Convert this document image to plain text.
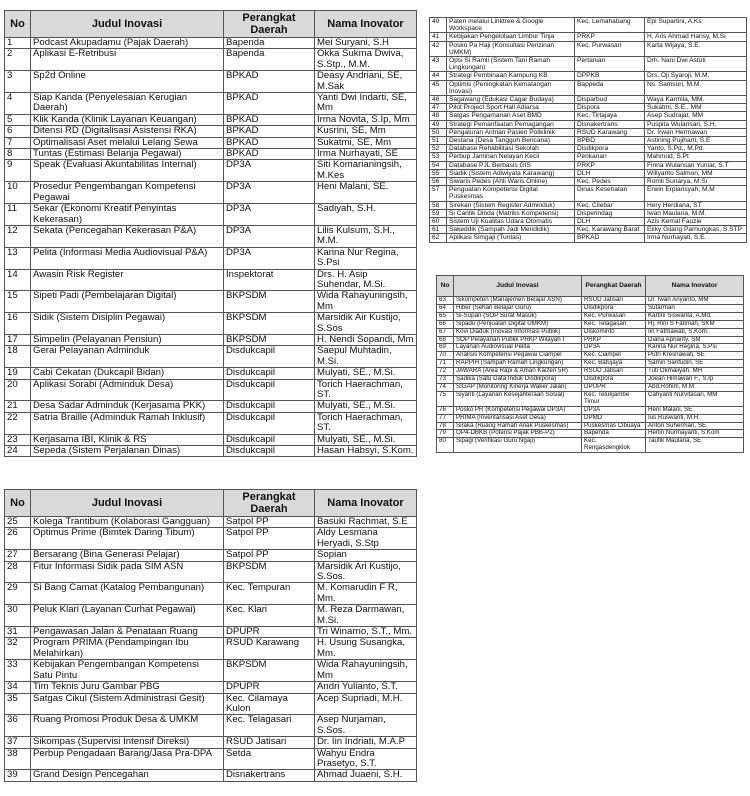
No	Judul Inovasi	Perangkat Daerah	Nama Inovator
1	Podcast Akupadamu (Pajak Daerah)	Bapenda	Mei Suryani, S.H
2	Aplikasi E-Retribusi	Bapenda	Okka Sukma Dwiva, S.Stp., M.M.
3	Sp2d Online	BPKAD	Deasy Andriani, SE, M.Sak
4	Siap Kanda (Penyelesaian Kerugian Daerah)	BPKAD	Yanti Dwi Indarti, SE, Mm
5	Klik Kanda (Klinik Layanan Keuangan)	BPKAD	Irma Novita, S.Ip, Mm
6	Ditensi RD (Digitalisasi Asistensi RKA)	BPKAD	Kusrini, SE, Mm
7	Optimalisasi Aset melalui Lelang Sewa	BPKAD	Sukatmi, SE, Mm
8	Tuntas (Estimasi Belanja Pegawai)	BPKAD	Irma Nurhayati, SE
9	Speak (Evaluasi Akuntabilitas Internal)	DP3A	Siti Komarianingsih, M.Kes
10	Prosedur Pengembangan Kompetensi Pegawai	DP3A	Heni Malani, SE.
11	Sekar (Ekonomi Kreatif Penyintas Kekerasan)	DP3A	Sadiyah, S.H.
12	Sekata (Pencegahan Kekerasan P&A)	DP3A	Lilis Kulsum, S.H., M.M.
13	Pelita (Informasi Media Audiovisual P&A)	DP3A	Karina Nur Regina, S.Psi
14	Awasin Risk Register	Inspektorat	Drs. H. Asip Suhendar, M.Si.
15	Sipeti Padi (Pembelajaran Digital)	BKPSDM	Wida Rahayuningsih, Mm
16	Sidik (Sistem Disiplin Pegawai)	BKPSDM	Marsidik Air Kustijo, S.Sos
17	Simpelin (Pelayanan Pensiun)	BKPSDM	H. Nendi Sopandi, Mm
18	Gerai Pelayanan Adminduk	Disdukcapil	Saepul Muhtadin, M.Si.
19	Cabi Cekatan (Dukcapil Bidan)	Disdukcapil	Mulyati, SE., M.Si.
20	Aplikasi Sorabi (Adminduk Desa)	Disdukcapil	Torich Haerachman, ST.
21	Desa Sadar Adminduk (Kerjasama PKK)	Disdukcapil	Mulyati, SE., M.Si.
22	Satria Braille (Adminduk Ramah Inklusif)	Disdukcapil	Torich Haerachman, ST.
23	Kerjasama IBI, Klinik & RS	Disdukcapil	Mulyati, SE., M.Si.
24	Sepeda (Sistem Perjalanan Dinas)	Disdukcapil	Hasan Habsyi, S.Kom.
No	Judul Inovasi	Perangkat Daerah	Nama Inovator
25	Kolega Trantibum (Kolaborasi Gangguan)	Satpol PP	Basuki Rachmat, S.E
26	Optimus Prime (Bimtek Daring Tibum)	Satpol PP	Aldy Lesmana Heryadi, S.Stp
27	Bersarang (Bina Generasi Pelajar)	Satpol PP	Sopian
28	Fitur Informasi Sidik pada SIM ASN	BKPSDM	Marsidik Ari Kustijo, S.Sos.
29	Si Bang Camat (Katalog Pembangunan)	Kec. Tempuran	M. Komarudin F R, Mm.
30	Peluk Klari (Layanan Curhat Pegawai)	Kec. Klari	M. Reza Darmawan, M.Si.
31	Pengawasan Jalan & Penataan Ruang	DPUPR	Tri Winarno, S.T., Mm.
32	Program PRIMA (Pendampingan Ibu Melahirkan)	RSUD Karawang	H. Usung Susangka, Mm.
33	Kebijakan Pengembangan Kompetensi Satu Pintu	BKPSDM	Wida Rahayuningsih, Mm
34	Tim Teknis Juru Gambar PBG	DPUPR	Andri Yulianto, S.T.
35	Satgas Cikul (Sistem Administrasi Gesit)	Kec. Cilamaya Kulon	Acep Supriadi, M.H.
36	Ruang Promosi Produk Desa & UMKM	Kec. Telagasari	Asep Nurjaman, S.Sos.
37	Sikompas (Supervisi Intensif Direksi)	RSUD Jatisari	Dr. Iin Indriati, M.A.P
38	Perbup Pengadaan Barang/Jasa Pra-DPA	Setda	Wahyu Endra Prasetyo, S.T.
39	Grand Design Pencegahan	Disnakertrans	Ahmad Juaeni, S.H.
40	Paten melalui Linktree & Google Workspace	Kec. Lemahabang	Epi Supartini, A.Ks
41	Kebijakan Pengelolaan Limbur Tinja	PRKP	H. Aris Ahmad Harisy, M.Si
42	Posko Pa Haji (Konsultasi Perizinan UMKM)	Kec. Purwasari	Karta Wijaya, S.E.
43	Opsi Si Ramli (Sistem Tani Ramah Lingkungan)	Pertanian	Drh. Nani Dwi Astuti
44	Strategi Pembinaan Kampung KB	DPPKB	Drs. Oji Syaroji, M.M.
45	Optimis (Peningkatan Kematangan Inovasi)	Bappeda	Ns. Samsuri, M.M.
46	Sagawang (Edukasi Cagar Budaya)	Disparbud	Waya Karmila, MM.
47	Pilot Project Sport Hall Adiarsa	Dispora	Sukatmi, S.E., MM
48	Satgas Pengamanan Aset BMD	Kec. Tirtajaya	Asep Sudrajat, MM
49	Strategi Pemanfaatan Pemagangan	Disnakertrans	Puspita Wulansari, S.H.
50	Pengaturan Antrian Pasien Poliklinik	RSUD Karawang	Dr. Irwan Hermawan
51	Destana (Desa Tangguh Bencana)	BPBD	Astining Pujiharti, S.E
52	Database Rehabilitasi Sekolah	Disdikpora	Yanto, S.Pd., M.Pd.
53	Perbup Jaminan Nelayan Kecil	Perikanan	Mahmud, S.Pt
54	Database PJL Berbasis GIS	PRKP	Finna Wulansari Yuniar, S.T
55	Siadik (Sistem Adiwiyata Karawang)	DLH	Willyanto Salmon, MM
56	Siwaris Pedes (Ahli Waris Online)	Kec. Pedes	Romli Sunarya, M.Si
57	Penguatan Kompetensi Digital Puskesmas	Dinas Kesehatan	Erwin Erpiansyah, M.M
58	Sirekan (Sistem Register Adminduk)	Kec. Cilebar	Hery Herdiana, ST
59	Si Cantik Dinda (Matriks Kompetensi)	Disperindag	Iwan Maulana, M.M.
60	Sistem Uji Kualitas Udara Otomatis	DLH	Azis Kemal Fauzie
61	Sakeddik (Sampah Jadi Mendidik)	Kec. Karawang Barat	Ekky Gilang Parnungkas, S.STP
62	Aplikasi Simgaji (Tuntas)	BPKAD	Irma Nurhayati, S.E.
No	Judul Inovasi	Perangkat Daerah	Nama Inovator
63	Sikompeten (Manajemen Belajar ASN)	RSUD Jatisari	Dr. Iwan Ariyanto, MM
64	Hiber (Sehari Belajar Guru)	Disdikpora	Sutarman
65	Si-Sopan (SOP Surat Masuk)	Kec. Purwasari	Kartini Siswanta, A.Md.
66	Sipadu (Penjualan Digital UMKM)	Kec. Telagasari	Hj. Rini S Fatimah, SKM
67	Kovi Diaduk (Inovasi Informasi Publik)	Diskominfo	Iin Fatmawati, S.Kom.
68	SOP Pelayanan Publik PRKP Wilayah I	PRKP	Diana Aprianty, SM
69	Layanan Audiovisual Pelita	DP3A	Karina Nur Regina, S.Psi
70	Analisis Kompetensi Pegawai Ciampel	Kec. Ciampel	Putri Kresnawati, SE
71	RAPPIH (Sampah Ramah Lingkungan)	Kec. Batujaya	Samin Sarifudin, SE
72	JAWARA (Area Rapi & Aman Kaizen 5R)	RSUD Jatisari	Tuti Okmaliyah, MH
73	Sadika (Satu Data Induk Disdikpora)	Disdikpora	Joean Himawan F., S.Ip
74	SIGAP (Monitoring Kinerja Waker Jalan)	DPUPR	Abd.Rohim, M.M.
75	Siyanti (Layanan Kesejahteraan Sosial)	Kec. Telukjambe Timur	Cahyanti Nurvitasari, MM
76	Posko PR (Kompetensi Pegawai DP3A)	DP3A	Heni Malani, SE.
77	PRIMA (Inventarisasi Aset Desa)	DPMD	Ius Ruswanti, M.H.
78	Siraka (Ruang Ramah Anak Puskesmas)	Puskesmas Cibuaya	Anton Suherman, SE.
79	OP4-DBKB (Potensi Pajak PBB-P2)	Bapenda	Herlin Nurmayanti, S.Kom
80	Sipagi (Verifikasi Guru Ngaji)	Kec. Rengasdengklok	Taufik Maulana, SE
